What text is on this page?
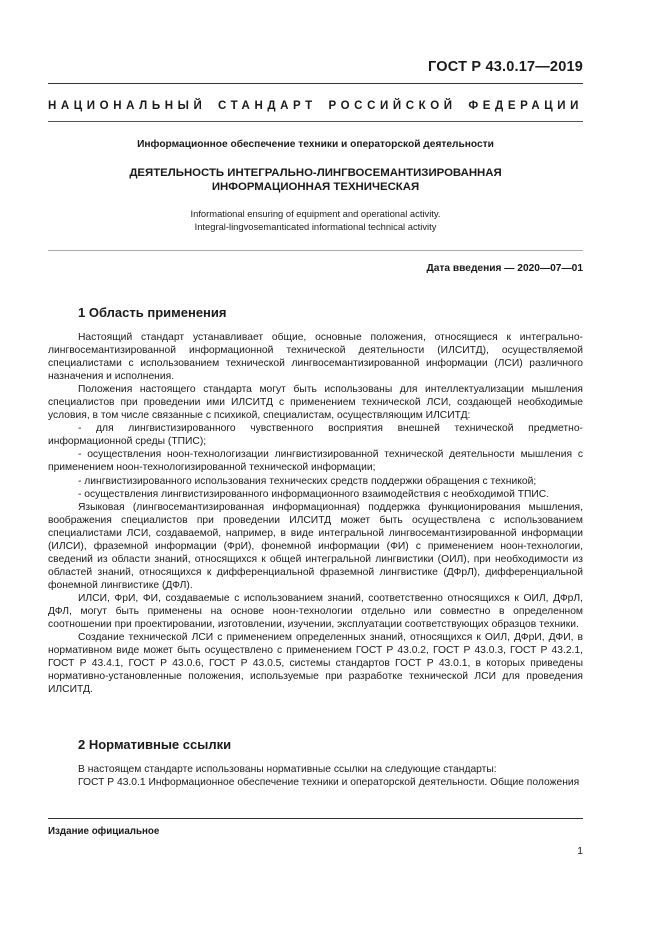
ГОСТ Р 43.0.17—2019
НАЦИОНАЛЬНЫЙ СТАНДАРТ РОССИЙСКОЙ ФЕДЕРАЦИИ
Информационное обеспечение техники и операторской деятельности
ДЕЯТЕЛЬНОСТЬ ИНТЕГРАЛЬНО-ЛИНГВОСЕМАНТИЗИРОВАННАЯ
ИНФОРМАЦИОННАЯ ТЕХНИЧЕСКАЯ
Informational ensuring of equipment and operational activity.
Integral-lingvosemanticated informational technical activity
Дата введения — 2020—07—01
1 Область применения

Настоящий стандарт устанавливает общие, основные положения, относящиеся к интегрально-лингвосемантизированной информационной технической деятельности (ИЛСИТД), осуществляемой специалистами с использованием технической лингвосемантизированной информации (ЛСИ) различного назначения и исполнения.

Положения настоящего стандарта могут быть использованы для интеллектуализации мышления специалистов при проведении ими ИЛСИТД с применением технической ЛСИ, создающей необходимые условия, в том числе связанные с психикой, специалистам, осуществляющим ИЛСИТД:

- для лингвистизированного чувственного восприятия внешней технической предметно-информационной среды (ТПИС);

- осуществления ноон-технологизации лингвистизированной технической деятельности мышления с применением ноон-технологизированной технической информации;

- лингвистизированного использования технических средств поддержки обращения с техникой;

- осуществления лингвистизированного информационного взаимодействия с необходимой ТПИС.

Языковая (лингвосемантизированная информационная) поддержка функционирования мышления, воображения специалистов при проведении ИЛСИТД может быть осуществлена с использованием специалистами ЛСИ, создаваемой, например, в виде интегральной лингвосемантизированной информации (ИЛСИ), фраземной информации (ФрИ), фонемной информации (ФИ) с применением ноон-технологии, сведений из области знаний, относящихся к общей интегральной лингвистики (ОИЛ), при необходимости из областей знаний, относящихся к дифференциальной фраземной лингвистике (ДФрЛ), дифференциальной фонемной лингвистике (ДФЛ).

ИЛСИ, ФрИ, ФИ, создаваемые с использованием знаний, соответственно относящихся к ОИЛ, ДФрЛ, ДФЛ, могут быть применены на основе ноон-технологии отдельно или совместно в определенном соотношении при проектировании, изготовлении, изучении, эксплуатации соответствующих образцов техники.

Создание технической ЛСИ с применением определенных знаний, относящихся к ОИЛ, ДФрИ, ДФИ, в нормативном виде может быть осуществлено с применением ГОСТ Р 43.0.2, ГОСТ Р 43.0.3, ГОСТ Р 43.2.1, ГОСТ Р 43.4.1, ГОСТ Р 43.0.6, ГОСТ Р 43.0.5, системы стандартов ГОСТ Р 43.0.1, в которых приведены нормативно-установленные положения, используемые при разработке технической ЛСИ для проведения ИЛСИТД.

2 Нормативные ссылки

В настоящем стандарте использованы нормативные ссылки на следующие стандарты:

ГОСТ Р 43.0.1 Информационное обеспечение техники и операторской деятельности. Общие положения

Издание официальное
1
